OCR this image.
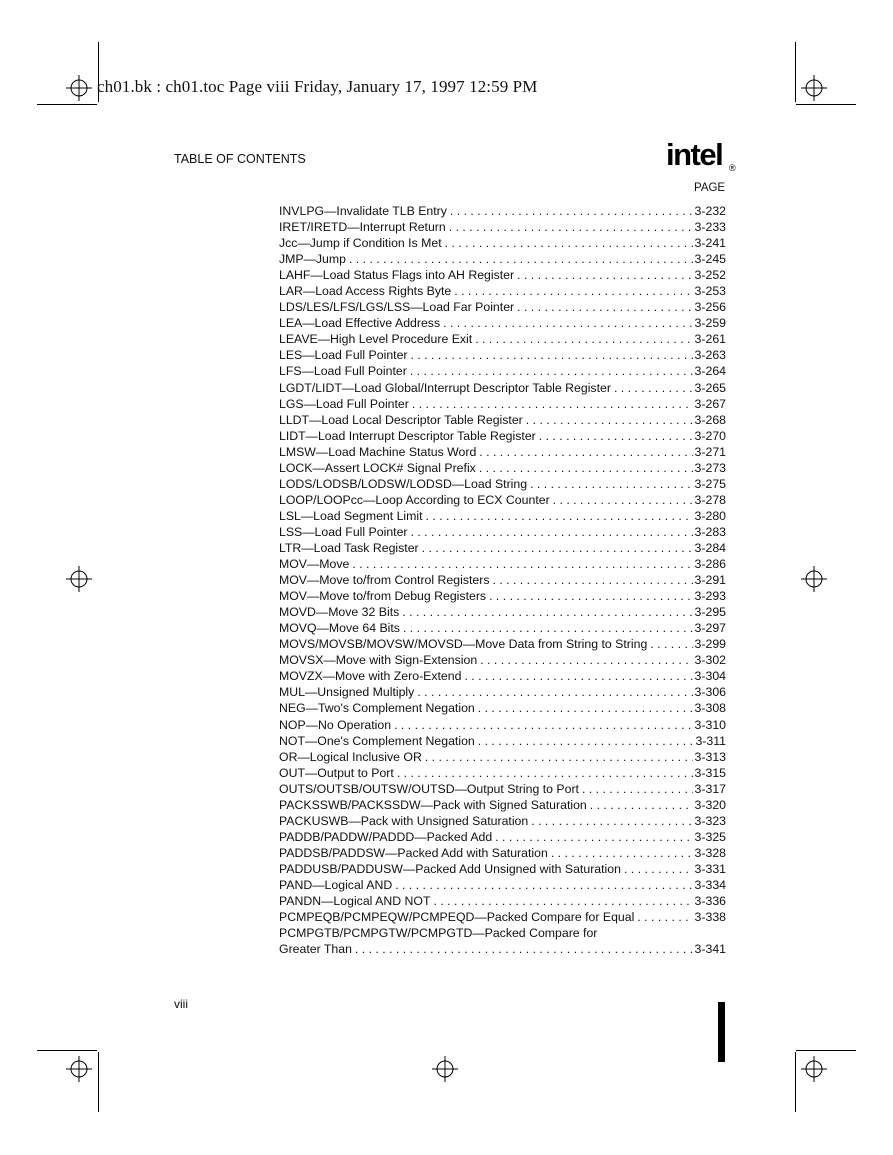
ch01.bk : ch01.toc Page viii Friday, January 17, 1997 12:59 PM
TABLE OF CONTENTS	intel ®
PAGE
INVLPG—Invalidate TLB Entry . . .	3-232
IRET/IRETD—Interrupt Return . . .	3-233
Jcc—Jump if Condition Is Met . . .	3-241
JMP—Jump . . .	3-245
LAHF—Load Status Flags into AH Register . . .	3-252
LAR—Load Access Rights Byte . . .	3-253
LDS/LES/LFS/LGS/LSS—Load Far Pointer . . .	3-256
LEA—Load Effective Address . . .	3-259
LEAVE—High Level Procedure Exit . . .	3-261
LES—Load Full Pointer . . .	3-263
LFS—Load Full Pointer . . .	3-264
LGDT/LIDT—Load Global/Interrupt Descriptor Table Register . . .	3-265
LGS—Load Full Pointer . . .	3-267
LLDT—Load Local Descriptor Table Register . . .	3-268
LIDT—Load Interrupt Descriptor Table Register . . .	3-270
LMSW—Load Machine Status Word . . .	3-271
LOCK—Assert LOCK# Signal Prefix . . .	3-273
LODS/LODSB/LODSW/LODSD—Load String . . .	3-275
LOOP/LOOPcc—Loop According to ECX Counter . . .	3-278
LSL—Load Segment Limit . . .	3-280
LSS—Load Full Pointer . . .	3-283
LTR—Load Task Register . . .	3-284
MOV—Move . . .	3-286
MOV—Move to/from Control Registers . . .	3-291
MOV—Move to/from Debug Registers . . .	3-293
MOVD—Move 32 Bits . . .	3-295
MOVQ—Move 64 Bits . . .	3-297
MOVS/MOVSB/MOVSW/MOVSD—Move Data from String to String . . .	3-299
MOVSX—Move with Sign-Extension . . .	3-302
MOVZX—Move with Zero-Extend . . .	3-304
MUL—Unsigned Multiply . . .	3-306
NEG—Two's Complement Negation . . .	3-308
NOP—No Operation . . .	3-310
NOT—One's Complement Negation . . .	3-311
OR—Logical Inclusive OR . . .	3-313
OUT—Output to Port . . .	3-315
OUTS/OUTSB/OUTSW/OUTSD—Output String to Port . . .	3-317
PACKSSWB/PACKSSDW—Pack with Signed Saturation . . .	3-320
PACKUSWB—Pack with Unsigned Saturation . . .	3-323
PADDB/PADDW/PADDD—Packed Add . . .	3-325
PADDSB/PADDSW—Packed Add with Saturation . . .	3-328
PADDUSB/PADDUSW—Packed Add Unsigned with Saturation . . .	3-331
PAND—Logical AND . . .	3-334
PANDN—Logical AND NOT . . .	3-336
PCMPEQB/PCMPEQW/PCMPEQD—Packed Compare for Equal . . .	3-338
PCMPGTB/PCMPGTW/PCMPGTD—Packed Compare for
Greater Than . . .	3-341
viii
